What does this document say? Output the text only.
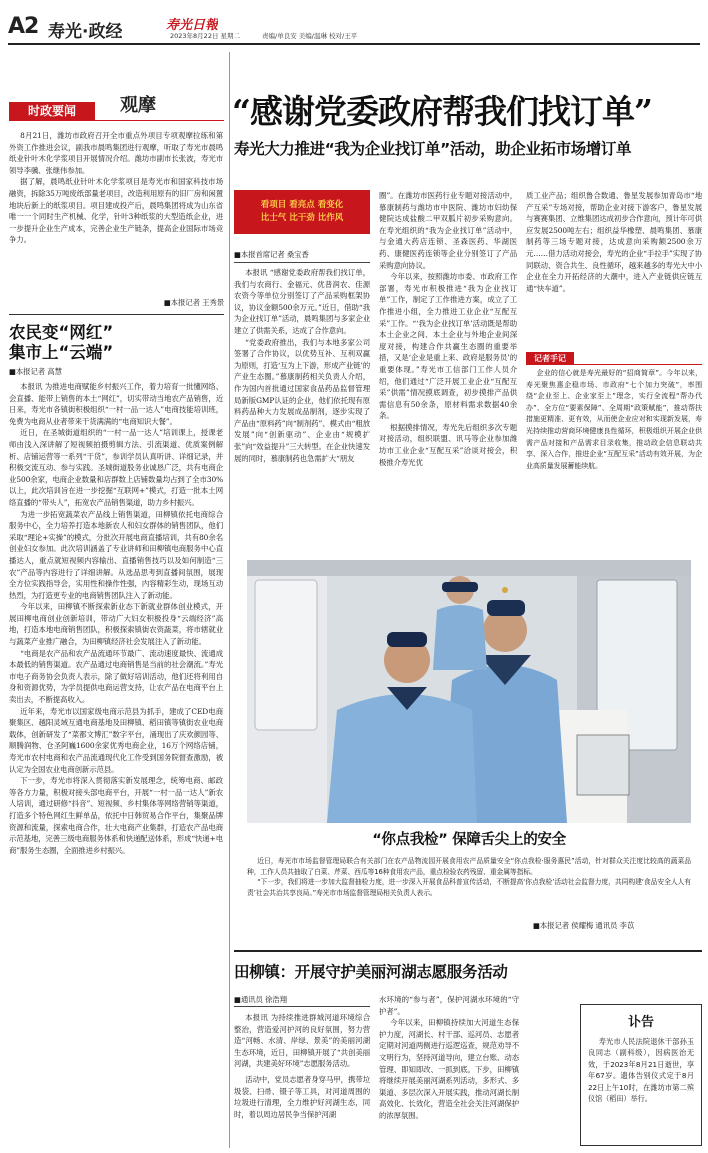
A2 寿光·政经	寿光日報
2023年8月22日 星期二	责编/单良安 美编/温琳 校对/王平
时政要闻	观摩

8月21日，潍坊市政府召开全市重点外项目专项观摩拉练和第外资工作推进会议，副我市晨鸣集团进行观摩，听取了寿光市晨鸣纸业针叶木化学浆项目开展情况介绍。潍坊市副市长张波，寿光市领导李骥、张继伟参加。

据了解，晨鸣纸业针叶木化学浆项目是寿光市和国家科技市场融资，拆除35万吨废纸部量老项目，改造利用原有的旧厂房和闲置地块后新上的纸浆项目。项目建成投产后，晨鸣集团将成为山东省唯一一个同时生产机械、化学，针叶3种纸浆的大型造纸企业，进一步提升企业生产成本，完善企业生产链条，提高企业国际市场竞争力。

■本报记者 王秀景
农民变“网红”
集市上“云端”
■本报记者 高慧

本报讯 为推进电商赋能乡村振兴工作，着力培育一批懂网络、会直播、能带上销售的本土“网红”，切实带动当地农产品销售，近日来，寿光市各镇街积极组织“一村一品一达人”电商技能培训班，免费为电商从业者带来干货满满的“电商知识大餐”。

近日，在圣城街道组织的“一村一品一达人”培训课上，授课老师由浅入深讲解了短视频拍摄剪辑方法、引流渠道、优质案例解析、店铺运营等一系列“干货”，参训学员认真听讲、详细记录，并积极交流互动、参与实践。圣城街道股务业诚恳广泛，共有电商企业500余家，电商企业数量和店群数上店铺数量均占到了全市30%以上，此次培训旨在进一步挖掘“互联网+”模式，打造一批本土网络直播的“带头人”，拓宽农产品销售渠道，助力乡村振兴。

为进一步拓宽蔬菜农产品线上销售渠道，田柳镇依托电商综合服务中心，全力培养打造本地新农人和妇女群体的销售团队，他们采取“理论+实操”的模式，分批次开展电商直播培训，共有80余名创业妇女参加。此次培训涵盖了专业讲师和田柳镇电商服务中心直播达人，重点就短视频内容输出、直播销售技巧以及如何制造“三农”产品等内容进行了详细讲解。从选品思考到直播间氛围，展现全方位实践指导会，实用性和操作性强，内容精彩生动，现场互动热烈，为打造更专业的电商销售团队注入了新动能。

今年以来，田柳镇不断探索新业态下新就业群体创业模式，开展田柳电商创业创新培训，带动广大妇女积极投身“云端经济”高地，打造本地电商销售团队，积极探索镇街农资蔬菜，将市辖就业与蔬菜产业推广融合，为田柳镇经济社会发展注入了新动能。

“电商是农产品和农产品流通环节最广、流动速度最快、流通成本最低的销售渠道。农产品通过电商销售是当前的社会潮流。”寿光市电子商务协会负责人表示，除了做好培训活动，他们还将利用自身和资源优势，为学员提供电商运营支持，让农产品在电商平台上卖出去，不断提高收入。

近年来，寿光市以国家级电商示范县为抓手，建成了CED电商聚集区、越阳灵域互通电商基地及田柳镇、稻田镇等镇街农业电商载体，创新研发了“菜都文博汇”数字平台，涌现出了庆欢颜园等、顺腾润物、仓圣阿巍1600余家优秀电商企业，16万个网络店铺，寿光市农村电商和农产品流通现代化工作受到国务院督查激励，被认定为全国农业电商创新示范县。

下一步，寿光市将深入贯彻落实新发展理念，统筹电商、邮政等各方力量，积极对接头部电商平台，开展“一村一品一达人”新农人培训，通过研修“抖音”、短视频、乡村集体等网络营销等渠道，打造多个特色网红生鲜单品，依托中日韩贸易合作平台，集聚品牌资源和流量，探索电商合作，壮大电商产业集群，打造农产品电商示范基地，完善三级电商服务体系和快递配送体系，形成“快递+电商”服务生态圈，全面推进乡村振兴。

“感谢党委政府帮我们找订单”
寿光大力推进“我为企业找订单”活动，助企业拓市场增订单
看项目 看亮点 看变化
比士气 比干劲 比作风
■本报首席记者 桑宝香

本报讯 “感谢党委政府帮我们找订单，我们与农商行、金福元、优普润农、佳源农资今等单位分别签订了产品采购框架协议，协议金额500余万元。”近日，借助“我为企业找订单”活动，晨鸣集团与多家企业建立了供需关系，达成了合作意向。

“党委政府推出，我们与本地多家公司签署了合作协议，以优势互补、互利双赢为原则，打造‘互为上下游，形成产业链’的产业生态圈。”慕康制药相关负责人介绍，作为国内首批通过国家食品药品监督管理局新版GMP认证的企业，他们依托现有原料药品种大力发展成品制剂，逐步实现了产品由“原料药”向“制剂药”、模式由“粗放发展”向“创新驱动”、企业由“规模扩张”向“效益提升”三大转型。在企业快速发展的同时，慕康制药也急需扩大“朋友

圈”。在潍坊市医药行业专题对接活动中，慕康制药与潍坊市中医院、潍坊市妇幼保健院达成盐酸二甲双胍片初步采购意向。在寿光组织的“我为企业找订单”活动中，与金通大药店连锁、圣森医药、华湖医药、康健医药连锁等企业分别签订了产品采购意向协议。

今年以来，按照潍坊市委、市政府工作部署，寿光市积极推进“我为企业找订单”工作，制定了工作推进方案，成立了工作推进小组，全力推进工业企业“互配互采”工作。“‘我为企业找订单’活动既是帮助本土企业之间、本土企业与外地企业间深度对接，构建合作共赢生态圈的重要举措，又是‘企业是重上来、政府是服务员’的重要体现。”寿光市工信部门工作人员介绍，他们通过“广泛开展工业企业“互配互采”供需”情况摸底调查，初步摸排产品供需信息有50余条，原材料需求数据40余条。

根据摸排情况，寿光先后组织多次专题对接活动，组织联盟、讯马等企业参加潍坊市工业企业“互配互采”洽谈对接会，积极推介寿光优

质工业产品；组织鲁合数通、鲁星发展参加青岛市“地产互采”专场对接，帮助企业对接下游客户，鲁星发展与赛赛集团、立维集团达成初步合作意向，预计年可供应发展2500吨左右；组织益华橡塑、晨鸣集团、慕康制药等三场专题对接，达成意向采购额2500余万元……借力活动对接会，寿光的企业“手拉手”实现了协同联动、资合共生、良性循环，越来越多的寿光大中小企业在全力开拓经济的大潮中，进入产业链供应链互通“快车道”。

记者手记

企业的信心就是寿光最好的“招商简章”。今年以来，寿光聚焦惠企稳市场、市政府“七个加力突破”，率围绕“企业至上、企业家至上”理念，实行全流程“帮办代办”、全方位“要素保障”、全周期“政策赋能”，推动帮扶措施更精准、更有效，从而使企业应对和实现新发展，寿光持续推动营商环境健康良性循环，积极组织开展企业供需产品对接和产品需求目录收集，推动政企信息联动共享、深入合作，推进企业“互配互采”活动有效开展，为企业高质量发展蓄能续航。

“你点我检” 保障舌尖上的安全

近日，寿光市市场监督管理局联合有关部门在农产品物流园开展食用农产品质量安全“你点我检·服务惠民”活动，针对群众关注度比较高的蔬菜品种，工作人员共抽取了白菜、芹菜、西瓜等16种食用农产品，重点检验农药残留、重金属等指标。

“下一步，我们将进一步加大监督抽检力度，进一步深入开展食品科普宣传活动，不断提高‘你点我检’活动社会监督力度，共同构建‘食品安全人人有责’社会共治共享良局。”寿光市市场监督管理局相关负责人表示。

■本报记者 侯耀梅 通讯员 李苡
田柳镇：开展守护美丽河湖志愿服务活动
■通讯员 徐浩翔

本报讯 为持续推进群城河道环境综合整治，营造爱河护河的良好氛围，努力营造“河畅、水清、岸绿、景美”的美丽河湖生态环境，近日，田柳镇开展了“共创美丽河湖，共建美好环境”志愿服务活动。

活动中，党员志愿者身穿马甲，携带垃圾袋、扫帚、镊子等工具，对河道周围的垃圾进行清理，全力维护好河湖生态，同时，着以周边居民争当保护河湖

水环境的“参与者”，保护河湖水环境的“守护者”。

今年以来，田柳镇持续加大河道生态保护力度，河湖长、村干部、巡河员、志愿者定期对河道两侧进行巡逻巡查，规范劝导不文明行为，坚持河道导向，建立台账、动态管理、即知即改、一抓到底。下步，田柳镇将继续开展美丽河湖系列活动，多形式、多渠道、多层次深入开展实践，推动河湖长制高效化、长效化，营造全社会关注河湖保护的浓厚氛围。

讣告
寿光市人民法院退休干部孙玉良同志（副科级），因病医治无效，于2023年8月21日逝世，享年67岁。遗体告别仪式定于8月22日上午10时，在潍坊市第二殡仪馆（稻田）举行。
